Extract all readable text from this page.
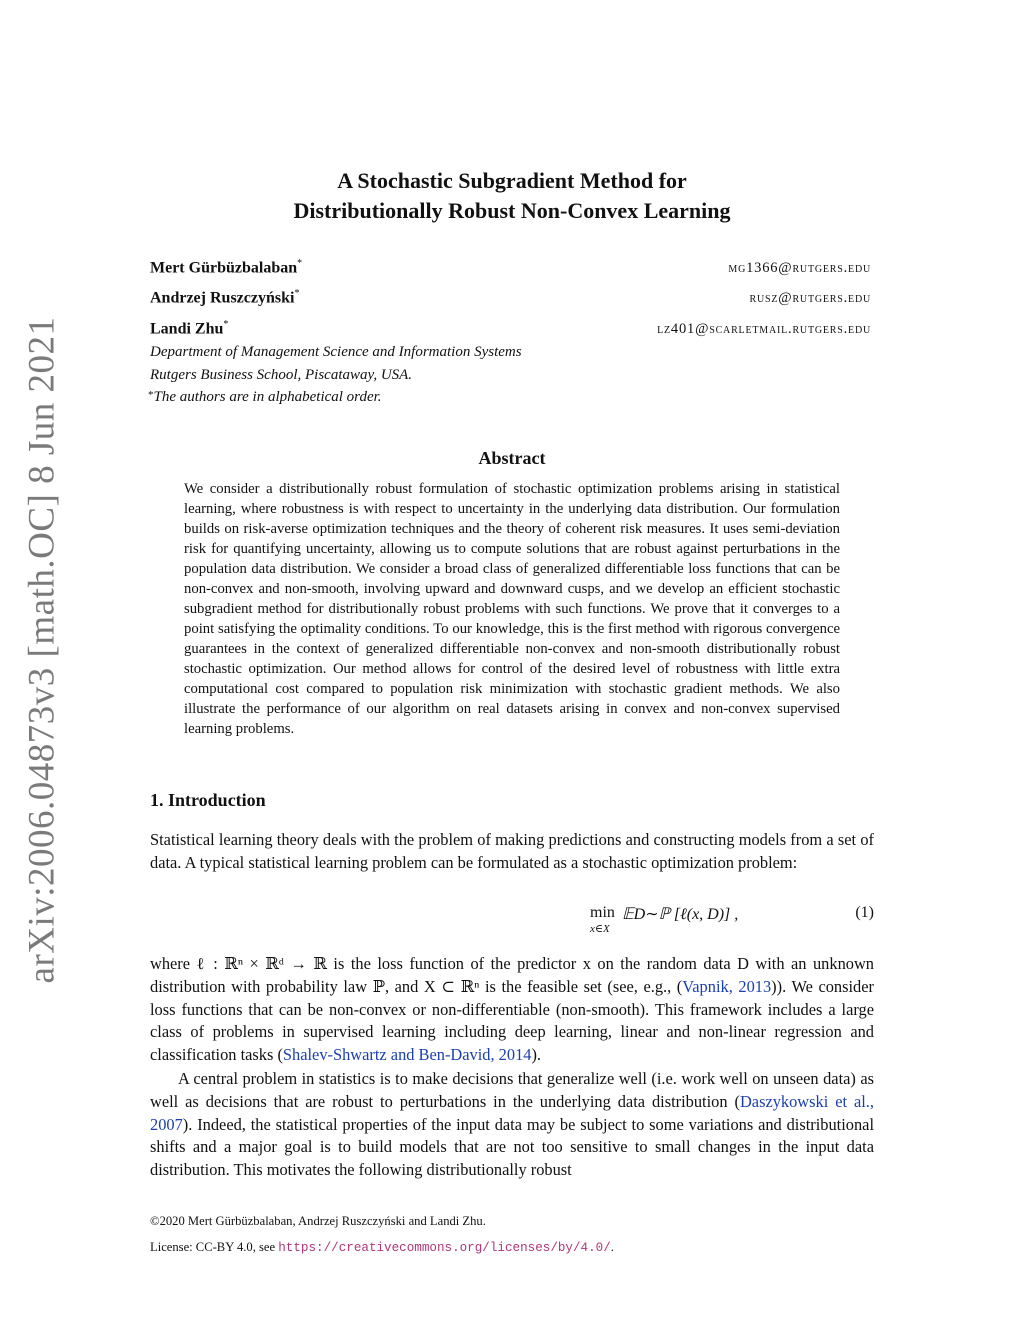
arXiv:2006.04873v3 [math.OC] 8 Jun 2021
A Stochastic Subgradient Method for
Distributionally Robust Non-Convex Learning
Mert Gürbüzbalaban*	mg1366@rutgers.edu
Andrzej Ruszczyński*	rusz@rutgers.edu
Landi Zhu*	lz401@scarletmail.rutgers.edu
Department of Management Science and Information Systems
Rutgers Business School, Piscataway, USA.
*The authors are in alphabetical order.
Abstract
We consider a distributionally robust formulation of stochastic optimization problems arising in statistical learning, where robustness is with respect to uncertainty in the underlying data distribution. Our formulation builds on risk-averse optimization techniques and the theory of coherent risk measures. It uses semi-deviation risk for quantifying uncertainty, allowing us to compute solutions that are robust against perturbations in the population data distribution. We consider a broad class of generalized differentiable loss functions that can be non-convex and non-smooth, involving upward and downward cusps, and we develop an efficient stochastic subgradient method for distributionally robust problems with such functions. We prove that it converges to a point satisfying the optimality conditions. To our knowledge, this is the first method with rigorous convergence guarantees in the context of generalized differentiable non-convex and non-smooth distributionally robust stochastic optimization. Our method allows for control of the desired level of robustness with little extra computational cost compared to population risk minimization with stochastic gradient methods. We also illustrate the performance of our algorithm on real datasets arising in convex and non-convex supervised learning problems.
1. Introduction
Statistical learning theory deals with the problem of making predictions and constructing models from a set of data. A typical statistical learning problem can be formulated as a stochastic optimization problem:
min
x∈X
𝔼D∼ℙ [ℓ(x, D)] ,	(1)
where ℓ : ℝⁿ × ℝᵈ → ℝ is the loss function of the predictor x on the random data D with an unknown distribution with probability law ℙ, and X ⊂ ℝⁿ is the feasible set (see, e.g., (Vapnik, 2013)). We consider loss functions that can be non-convex or non-differentiable (non-smooth). This framework includes a large class of problems in supervised learning including deep learning, linear and non-linear regression and classification tasks (Shalev-Shwartz and Ben-David, 2014).
A central problem in statistics is to make decisions that generalize well (i.e. work well on unseen data) as well as decisions that are robust to perturbations in the underlying data distribution (Daszykowski et al., 2007). Indeed, the statistical properties of the input data may be subject to some variations and distributional shifts and a major goal is to build models that are not too sensitive to small changes in the input data distribution. This motivates the following distributionally robust
©2020 Mert Gürbüzbalaban, Andrzej Ruszczyński and Landi Zhu.
License: CC-BY 4.0, see https://creativecommons.org/licenses/by/4.0/.
